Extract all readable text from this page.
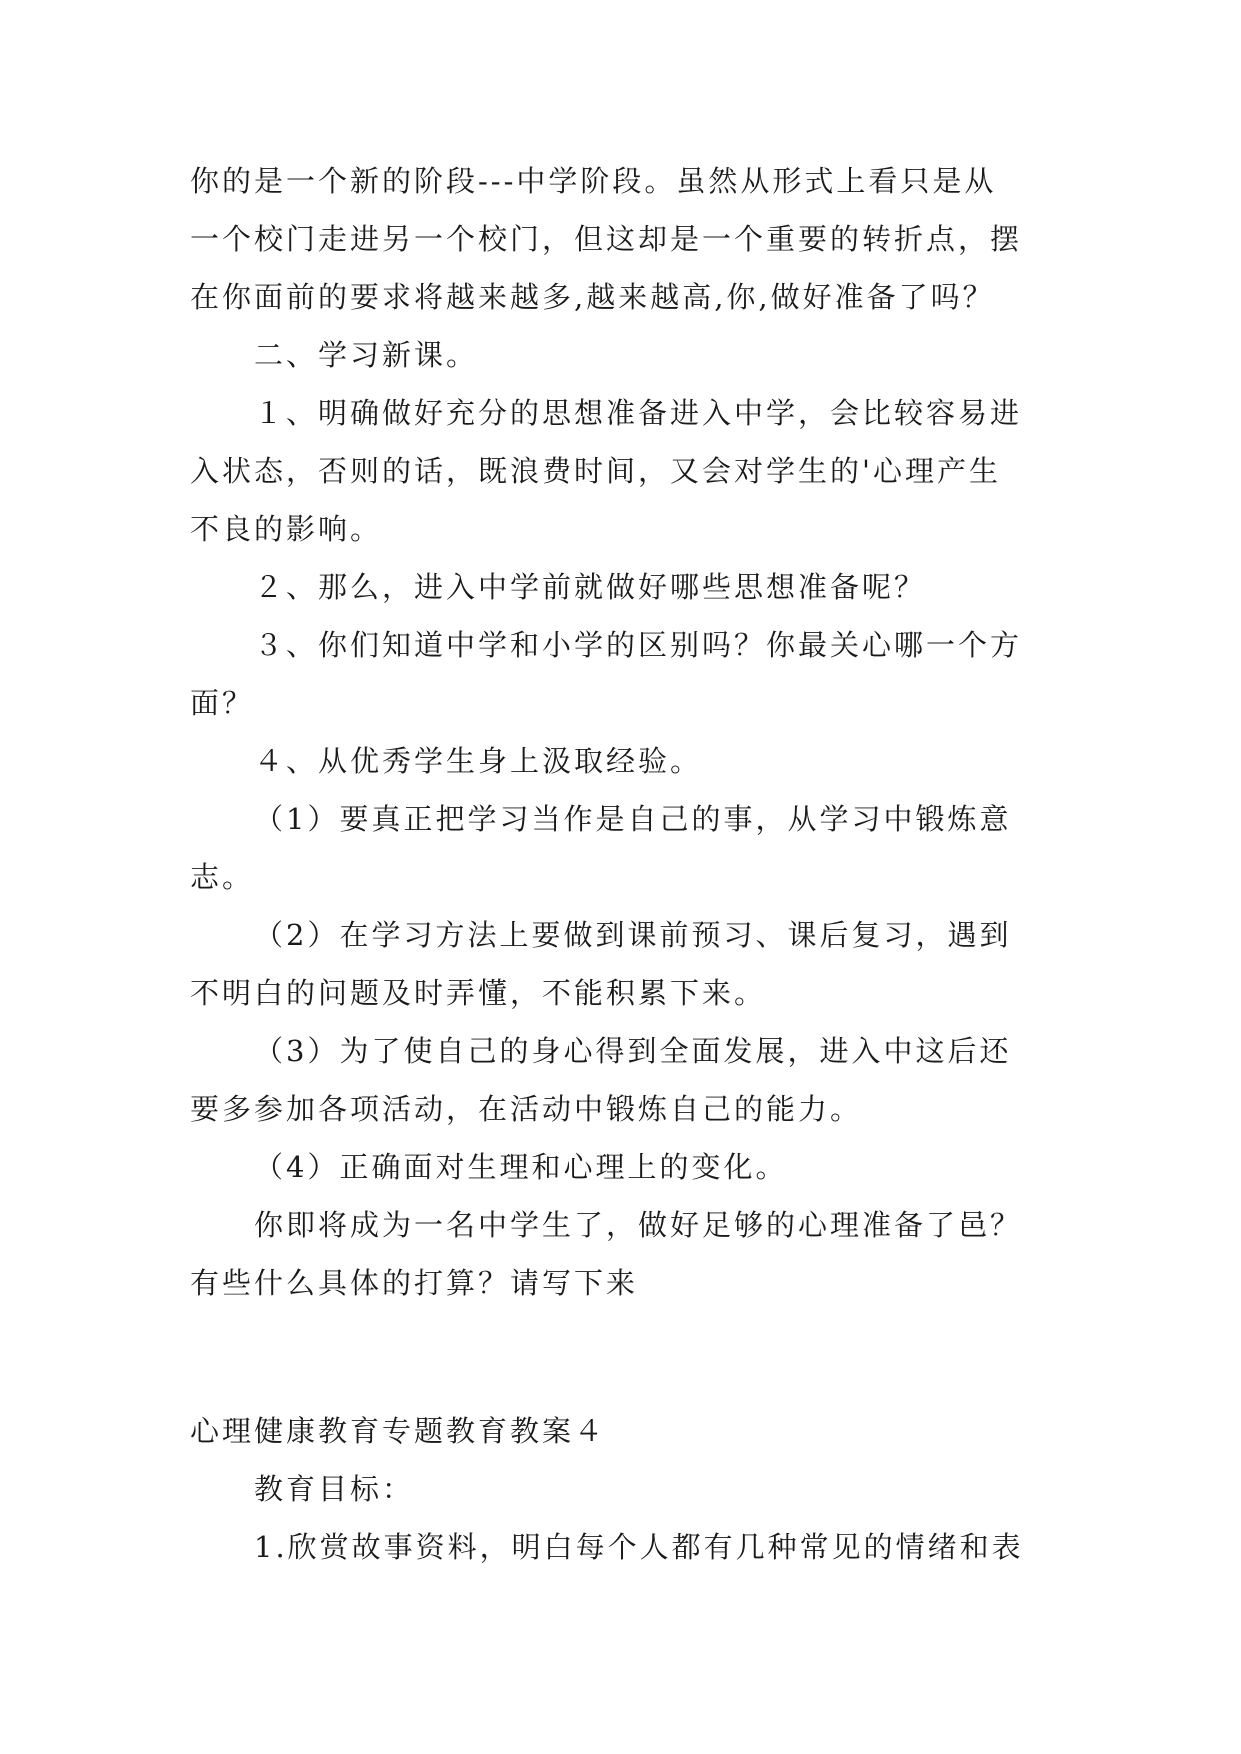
你的是一个新的阶段---中学阶段。虽然从形式上看只是从
一个校门走进另一个校门，但这却是一个重要的转折点，摆
在你面前的要求将越来越多,越来越高,你,做好准备了吗？
二、学习新课。
１、明确做好充分的思想准备进入中学，会比较容易进
入状态，否则的话，既浪费时间，又会对学生的'心理产生
不良的影响。
２、那么，进入中学前就做好哪些思想准备呢？
３、你们知道中学和小学的区别吗？你最关心哪一个方
面？
４、从优秀学生身上汲取经验。
（1）要真正把学习当作是自己的事，从学习中锻炼意
志。
（2）在学习方法上要做到课前预习、课后复习，遇到
不明白的问题及时弄懂，不能积累下来。
（3）为了使自己的身心得到全面发展，进入中这后还
要多参加各项活动，在活动中锻炼自己的能力。
（4）正确面对生理和心理上的变化。
你即将成为一名中学生了，做好足够的心理准备了邑？
有些什么具体的打算？请写下来
心理健康教育专题教育教案４
教育目标：
1.欣赏故事资料，明白每个人都有几种常见的情绪和表
